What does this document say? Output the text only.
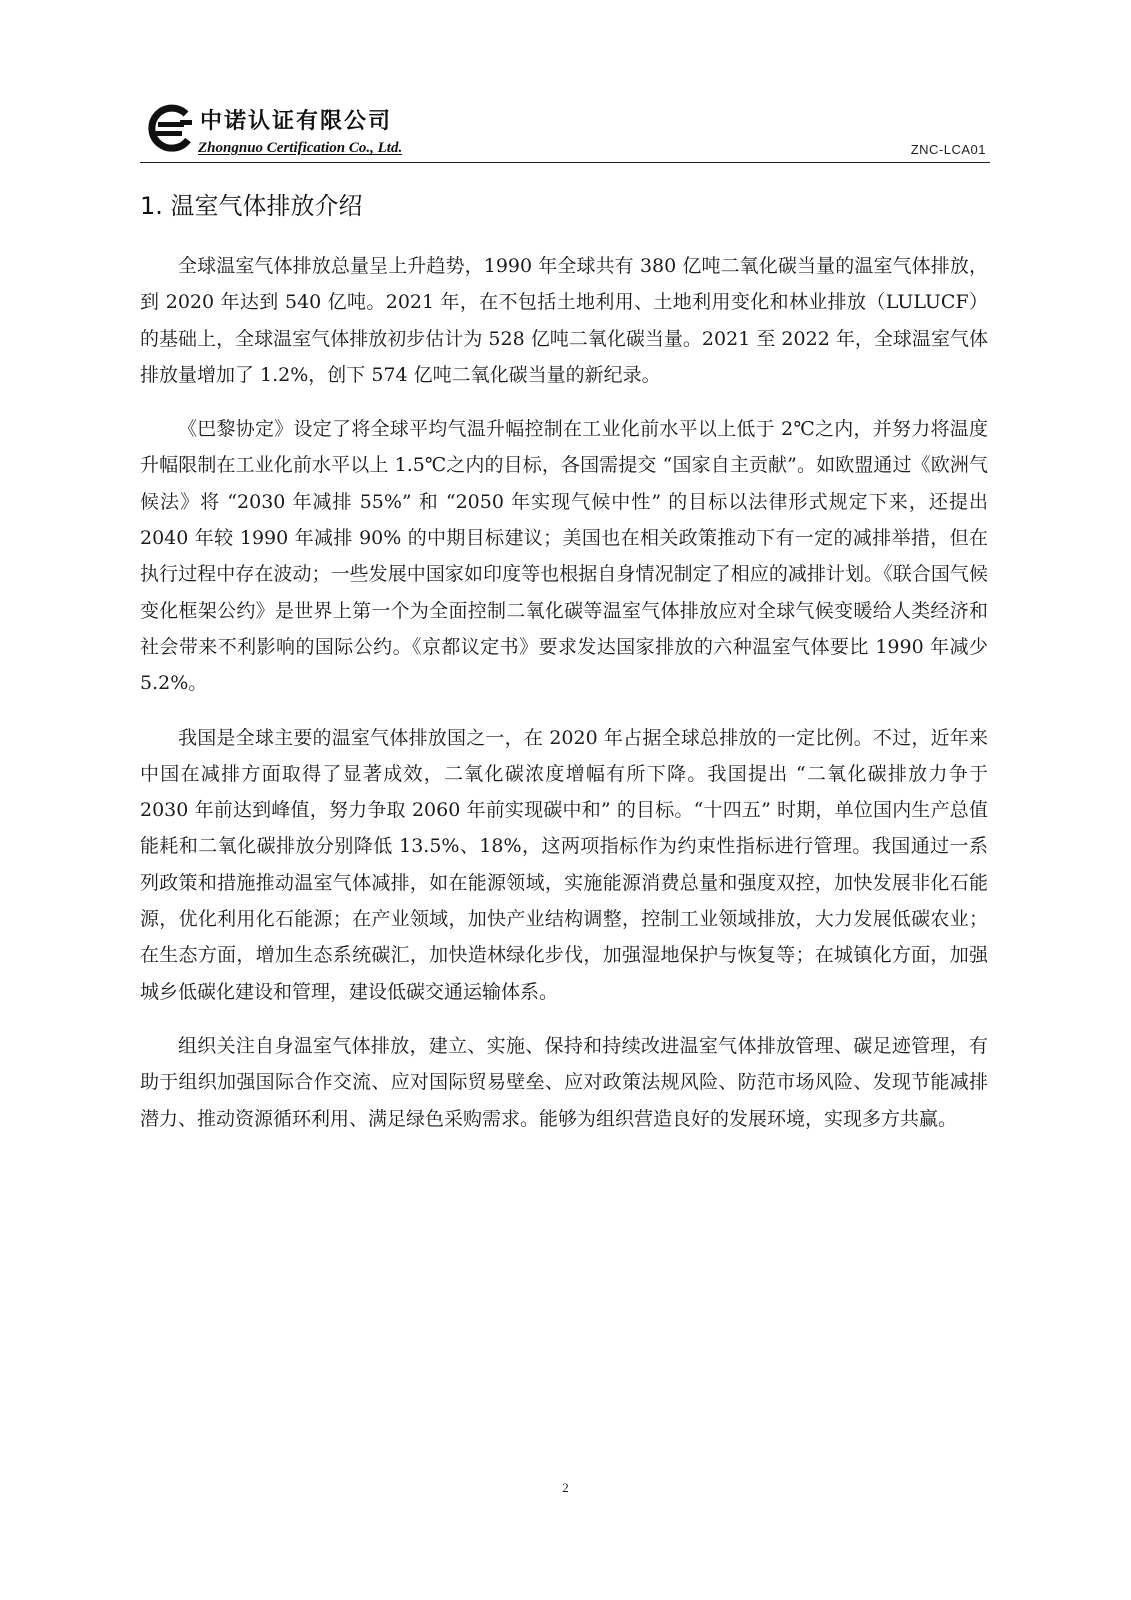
中诺认证有限公司
Zhongnuo Certification Co., Ltd.	ZNC-LCA01
1. 温室气体排放介绍

全球温室气体排放总量呈上升趋势，1990 年全球共有 380 亿吨二氧化碳当量的温室气体排放，到 2020 年达到 540 亿吨。2021 年，在不包括土地利用、土地利用变化和林业排放（LULUCF）的基础上，全球温室气体排放初步估计为 528 亿吨二氧化碳当量。2021 至 2022 年，全球温室气体排放量增加了 1.2%，创下 574 亿吨二氧化碳当量的新纪录。

《巴黎协定》设定了将全球平均气温升幅控制在工业化前水平以上低于 2℃之内，并努力将温度升幅限制在工业化前水平以上 1.5℃之内的目标，各国需提交 “国家自主贡献”。如欧盟通过《欧洲气候法》将 “2030 年减排 55%” 和 “2050 年实现气候中性” 的目标以法律形式规定下来，还提出 2040 年较 1990 年减排 90% 的中期目标建议；美国也在相关政策推动下有一定的减排举措，但在执行过程中存在波动；一些发展中国家如印度等也根据自身情况制定了相应的减排计划。《联合国气候变化框架公约》是世界上第一个为全面控制二氧化碳等温室气体排放应对全球气候变暖给人类经济和社会带来不利影响的国际公约。《京都议定书》要求发达国家排放的六种温室气体要比 1990 年减少 5.2%。

我国是全球主要的温室气体排放国之一，在 2020 年占据全球总排放的一定比例。不过，近年来中国在减排方面取得了显著成效，二氧化碳浓度增幅有所下降。我国提出 “二氧化碳排放力争于 2030 年前达到峰值，努力争取 2060 年前实现碳中和” 的目标。“十四五” 时期，单位国内生产总值能耗和二氧化碳排放分别降低 13.5%、18%，这两项指标作为约束性指标进行管理。我国通过一系列政策和措施推动温室气体减排，如在能源领域，实施能源消费总量和强度双控，加快发展非化石能源，优化利用化石能源；在产业领域，加快产业结构调整，控制工业领域排放，大力发展低碳农业；在生态方面，增加生态系统碳汇，加快造林绿化步伐，加强湿地保护与恢复等；在城镇化方面，加强城乡低碳化建设和管理，建设低碳交通运输体系。

组织关注自身温室气体排放，建立、实施、保持和持续改进温室气体排放管理、碳足迹管理，有助于组织加强国际合作交流、应对国际贸易壁垒、应对政策法规风险、防范市场风险、发现节能减排潜力、推动资源循环利用、满足绿色采购需求。能够为组织营造良好的发展环境，实现多方共赢。

2
